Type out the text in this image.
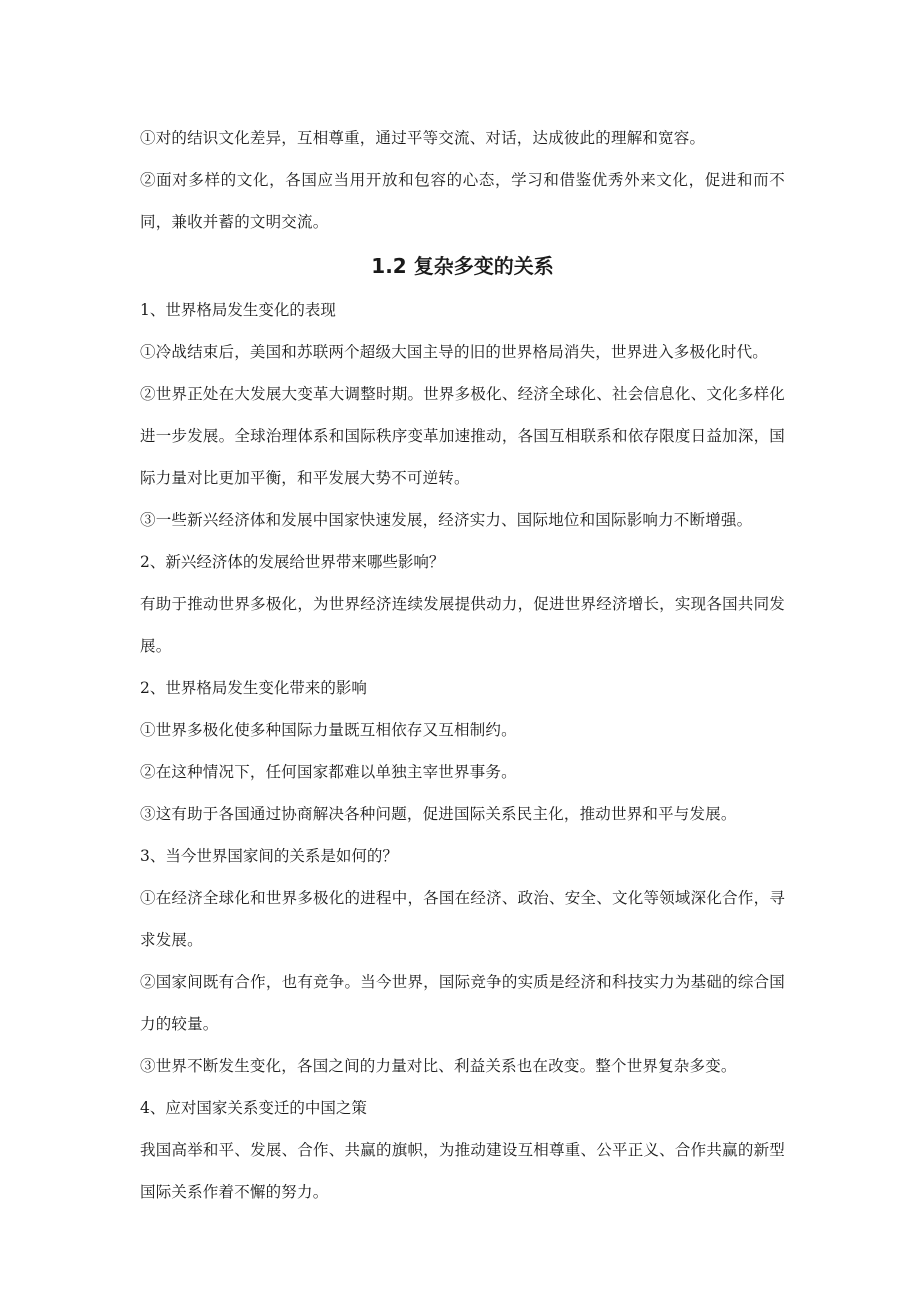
①对的结识文化差异，互相尊重，通过平等交流、对话，达成彼此的理解和宽容。

②面对多样的文化，各国应当用开放和包容的心态，学习和借鉴优秀外来文化，促进和而不同，兼收并蓄的文明交流。

1.2 复杂多变的关系

1、世界格局发生变化的表现

①冷战结束后，美国和苏联两个超级大国主导的旧的世界格局消失，世界进入多极化时代。

②世界正处在大发展大变革大调整时期。世界多极化、经济全球化、社会信息化、文化多样化进一步发展。全球治理体系和国际秩序变革加速推动，各国互相联系和依存限度日益加深，国际力量对比更加平衡，和平发展大势不可逆转。

③一些新兴经济体和发展中国家快速发展，经济实力、国际地位和国际影响力不断增强。

2、新兴经济体的发展给世界带来哪些影响？

有助于推动世界多极化，为世界经济连续发展提供动力，促进世界经济增长，实现各国共同发展。

2、世界格局发生变化带来的影响

①世界多极化使多种国际力量既互相依存又互相制约。

②在这种情况下，任何国家都难以单独主宰世界事务。

③这有助于各国通过协商解决各种问题，促进国际关系民主化，推动世界和平与发展。

3、当今世界国家间的关系是如何的？

①在经济全球化和世界多极化的进程中，各国在经济、政治、安全、文化等领域深化合作，寻求发展。

②国家间既有合作，也有竞争。当今世界，国际竞争的实质是经济和科技实力为基础的综合国力的较量。

③世界不断发生变化，各国之间的力量对比、利益关系也在改变。整个世界复杂多变。

4、应对国家关系变迁的中国之策

我国高举和平、发展、合作、共赢的旗帜，为推动建设互相尊重、公平正义、合作共赢的新型国际关系作着不懈的努力。
